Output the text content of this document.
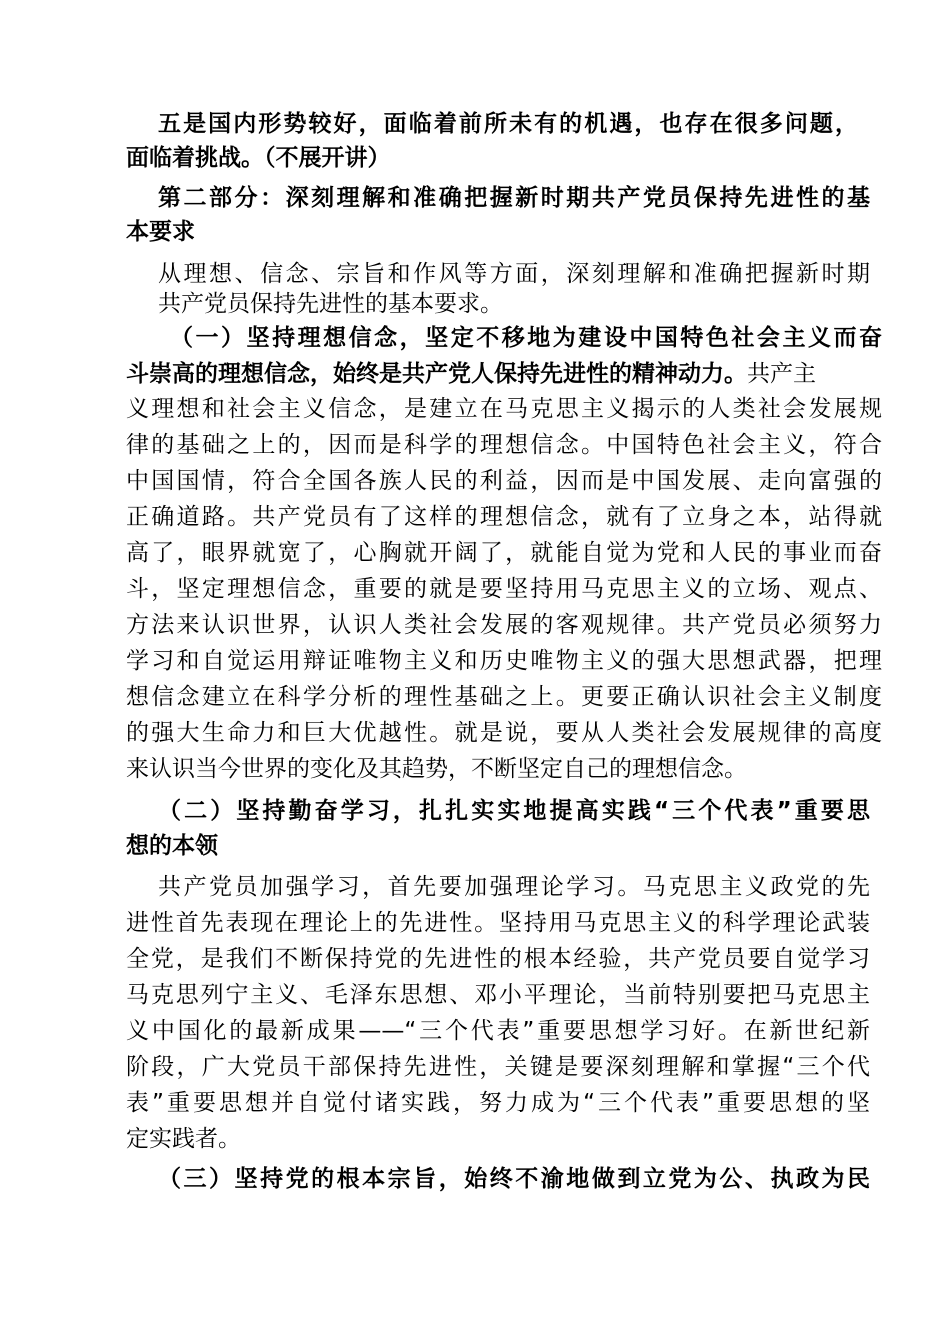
五是国内形势较好，面临着前所未有的机遇，也存在很多问题，
面临着挑战。（不展开讲）
第二部分：深刻理解和准确把握新时期共产党员保持先进性的基
本要求
从理想、信念、宗旨和作风等方面，深刻理解和准确把握新时期
共产党员保持先进性的基本要求。
（一）坚持理想信念，坚定不移地为建设中国特色社会主义而奋
斗崇高的理想信念，始终是共产党人保持先进性的精神动力。共产主
义理想和社会主义信念，是建立在马克思主义揭示的人类社会发展规
律的基础之上的，因而是科学的理想信念。中国特色社会主义，符合
中国国情，符合全国各族人民的利益，因而是中国发展、走向富强的
正确道路。共产党员有了这样的理想信念，就有了立身之本，站得就
高了，眼界就宽了，心胸就开阔了，就能自觉为党和人民的事业而奋
斗，坚定理想信念，重要的就是要坚持用马克思主义的立场、观点、
方法来认识世界，认识人类社会发展的客观规律。共产党员必须努力
学习和自觉运用辩证唯物主义和历史唯物主义的强大思想武器，把理
想信念建立在科学分析的理性基础之上。更要正确认识社会主义制度
的强大生命力和巨大优越性。就是说，要从人类社会发展规律的高度
来认识当今世界的变化及其趋势，不断坚定自己的理想信念。
（二）坚持勤奋学习，扎扎实实地提高实践“三个代表”重要思
想的本领
共产党员加强学习，首先要加强理论学习。马克思主义政党的先
进性首先表现在理论上的先进性。坚持用马克思主义的科学理论武装
全党，是我们不断保持党的先进性的根本经验，共产党员要自觉学习
马克思列宁主义、毛泽东思想、邓小平理论，当前特别要把马克思主
义中国化的最新成果——“三个代表”重要思想学习好。在新世纪新
阶段，广大党员干部保持先进性，关键是要深刻理解和掌握“三个代
表”重要思想并自觉付诸实践，努力成为“三个代表”重要思想的坚
定实践者。
（三）坚持党的根本宗旨，始终不渝地做到立党为公、执政为民
